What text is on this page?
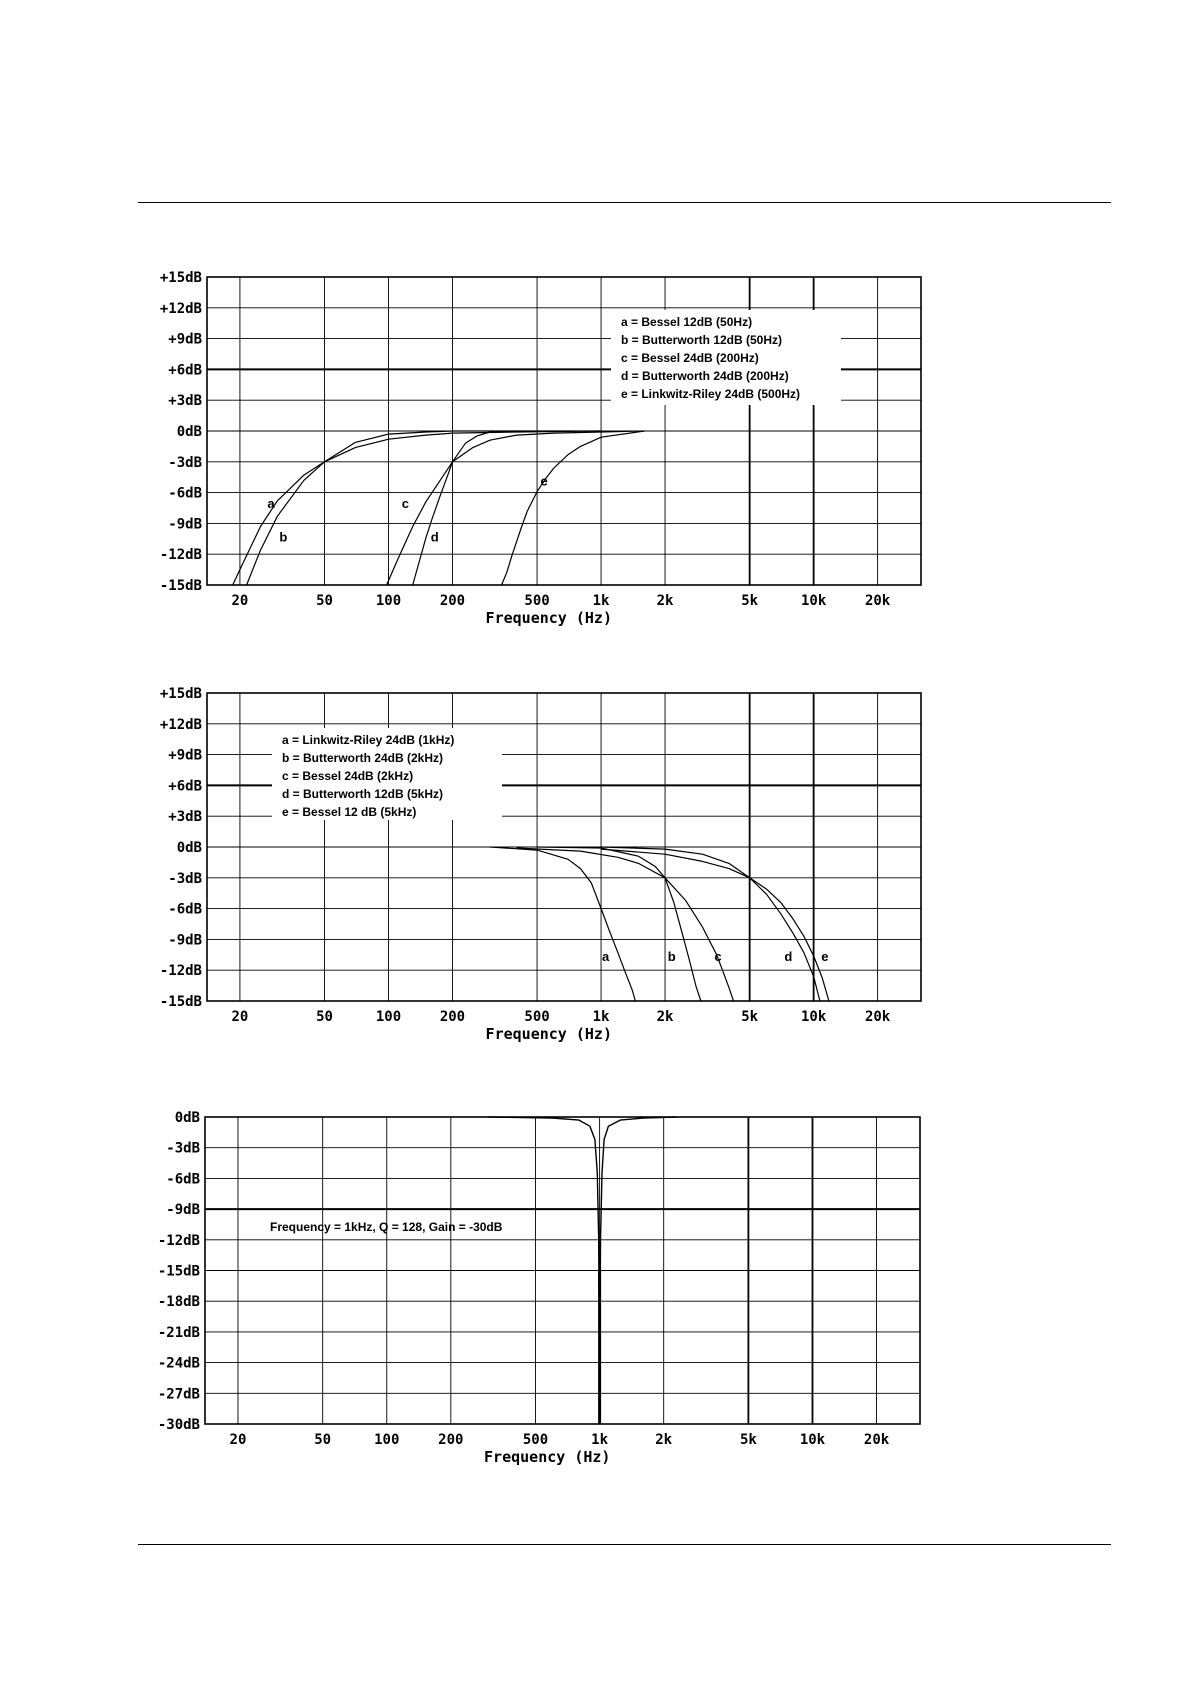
+15dB
+12dB
+9dB
+6dB
+3dB
0dB
-3dB
-6dB
-9dB
-12dB
-15dB
20	50	100	200	500	1k	2k	5k	10k	20k
Frequency (Hz)
a = Bessel 12dB (50Hz)
b = Butterworth 12dB (50Hz)
c = Bessel 24dB (200Hz)
d = Butterworth 24dB (200Hz)
e = Linkwitz-Riley 24dB (500Hz)
a
b
c
d
e
+15dB
+12dB
+9dB
+6dB
+3dB
0dB
-3dB
-6dB
-9dB
-12dB
-15dB
20	50	100	200	500	1k	2k	5k	10k	20k
Frequency (Hz)
a = Linkwitz-Riley 24dB (1kHz)
b = Butterworth 24dB (2kHz)
c = Bessel 24dB (2kHz)
d = Butterworth 12dB (5kHz)
e = Bessel 12 dB (5kHz)
a	b	c	d e
0dB
-3dB
-6dB
-9dB
-12dB
-15dB
-18dB
-21dB
-24dB
-27dB
-30dB
20	50	100	200	500	1k	2k	5k	10k	20k
Frequency (Hz)
Frequency = 1kHz, Q = 128, Gain = -30dB
